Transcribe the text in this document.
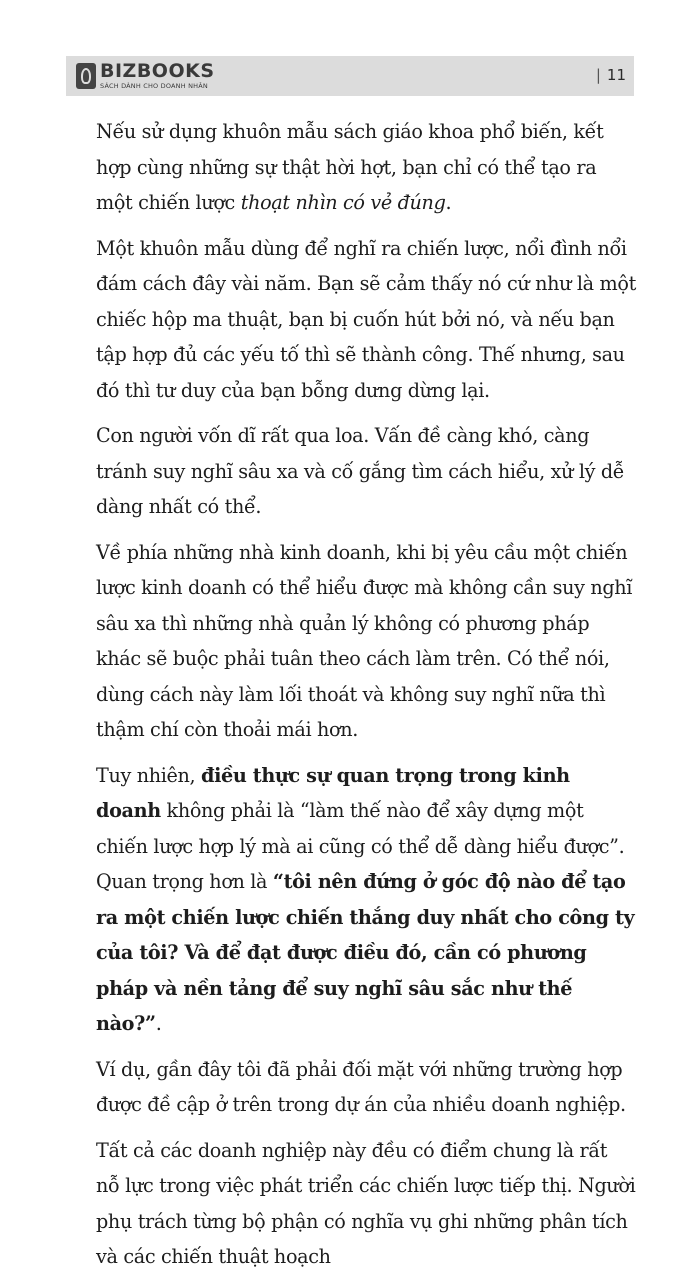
BIZBOOKS
SÁCH DÀNH CHO DOANH NHÂN
| 11

Nếu sử dụng khuôn mẫu sách giáo khoa phổ biến, kết hợp cùng những sự thật hời hợt, bạn chỉ có thể tạo ra một chiến lược thoạt nhìn có vẻ đúng.

Một khuôn mẫu dùng để nghĩ ra chiến lược, nổi đình nổi đám cách đây vài năm. Bạn sẽ cảm thấy nó cứ như là một chiếc hộp ma thuật, bạn bị cuốn hút bởi nó, và nếu bạn tập hợp đủ các yếu tố thì sẽ thành công. Thế nhưng, sau đó thì tư duy của bạn bỗng dưng dừng lại.

Con người vốn dĩ rất qua loa. Vấn đề càng khó, càng tránh suy nghĩ sâu xa và cố gắng tìm cách hiểu, xử lý dễ dàng nhất có thể.

Về phía những nhà kinh doanh, khi bị yêu cầu một chiến lược kinh doanh có thể hiểu được mà không cần suy nghĩ sâu xa thì những nhà quản lý không có phương pháp khác sẽ buộc phải tuân theo cách làm trên. Có thể nói, dùng cách này làm lối thoát và không suy nghĩ nữa thì thậm chí còn thoải mái hơn.

Tuy nhiên, điều thực sự quan trọng trong kinh doanh không phải là “làm thế nào để xây dựng một chiến lược hợp lý mà ai cũng có thể dễ dàng hiểu được”. Quan trọng hơn là “tôi nên đứng ở góc độ nào để tạo ra một chiến lược chiến thắng duy nhất cho công ty của tôi? Và để đạt được điều đó, cần có phương pháp và nền tảng để suy nghĩ sâu sắc như thế nào?”.

Ví dụ, gần đây tôi đã phải đối mặt với những trường hợp được đề cập ở trên trong dự án của nhiều doanh nghiệp.

Tất cả các doanh nghiệp này đều có điểm chung là rất nỗ lực trong việc phát triển các chiến lược tiếp thị. Người phụ trách từng bộ phận có nghĩa vụ ghi những phân tích và các chiến thuật hoạch
